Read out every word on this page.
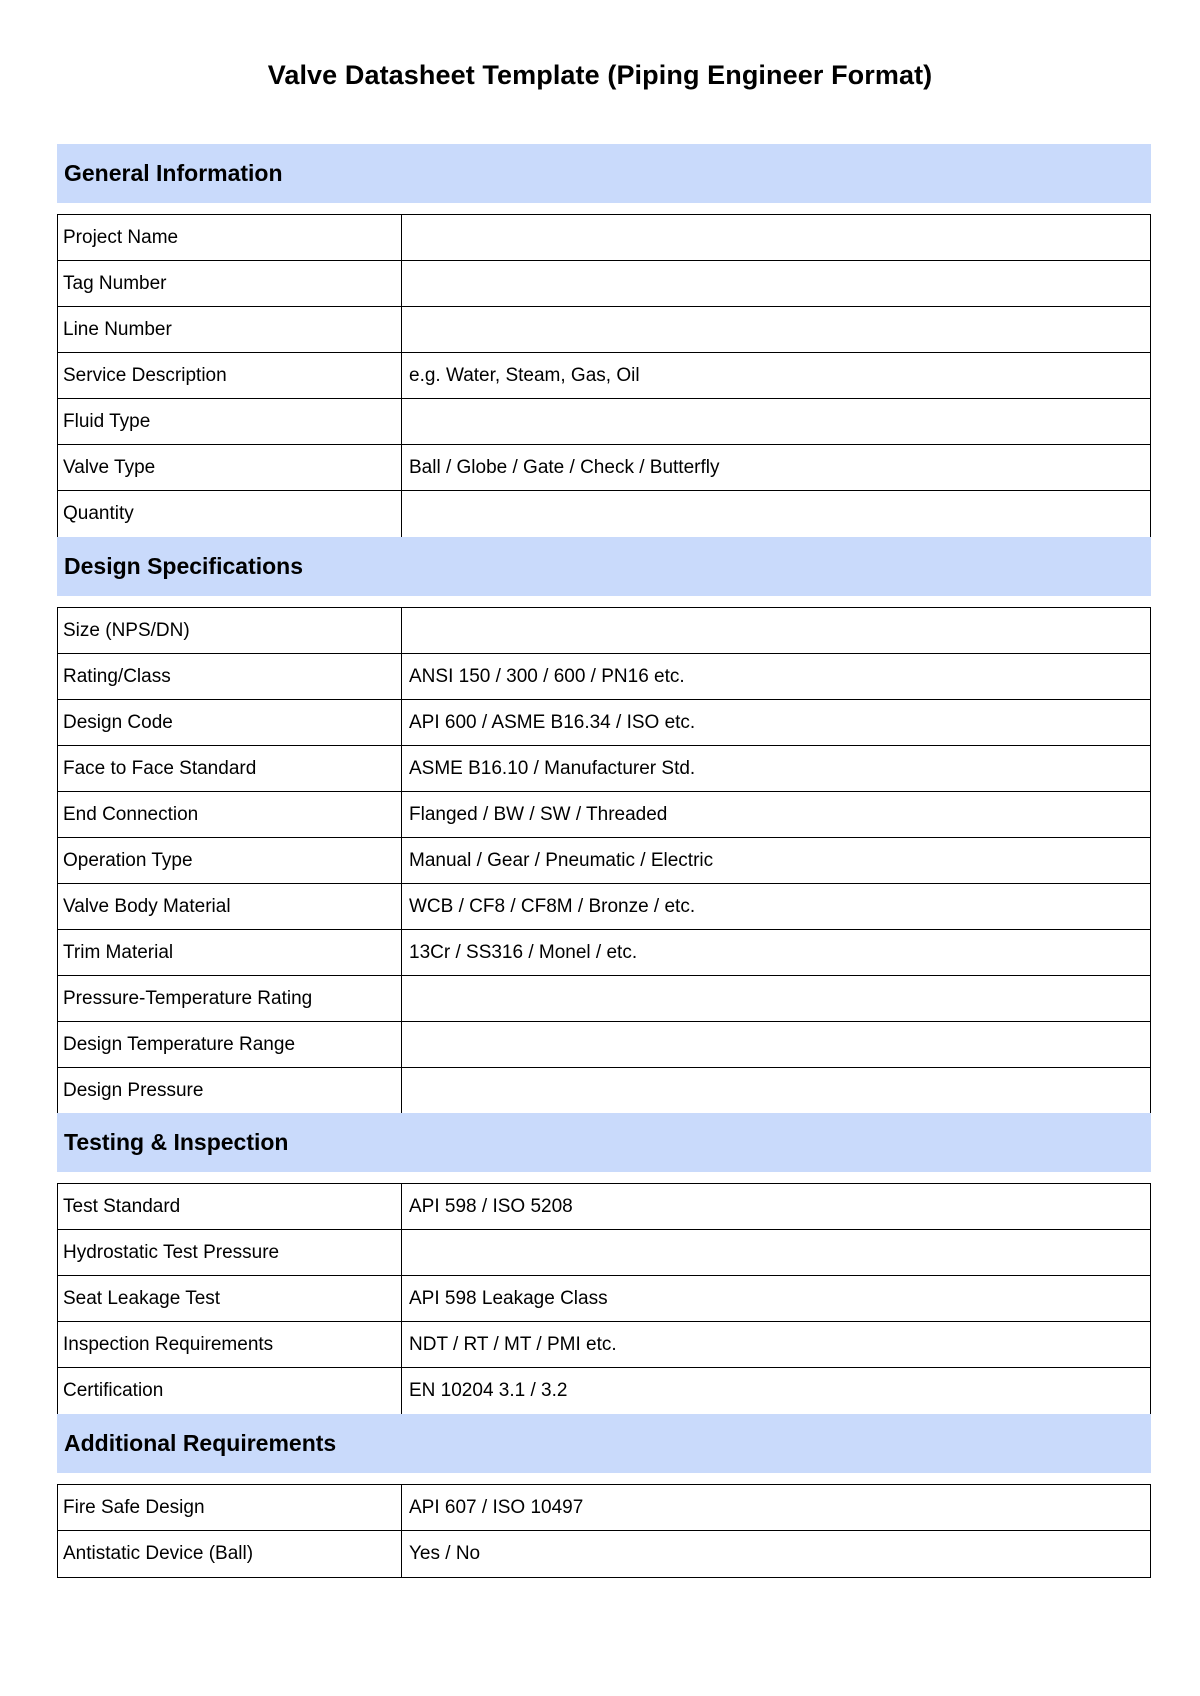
Valve Datasheet Template (Piping Engineer Format)
General Information
Project Name
Tag Number
Line Number
Service Description	e.g. Water, Steam, Gas, Oil
Fluid Type
Valve Type	Ball / Globe / Gate / Check / Butterfly
Quantity
Design Specifications
Size (NPS/DN)
Rating/Class	ANSI 150 / 300 / 600 / PN16 etc.
Design Code	API 600 / ASME B16.34 / ISO etc.
Face to Face Standard	ASME B16.10 / Manufacturer Std.
End Connection	Flanged / BW / SW / Threaded
Operation Type	Manual / Gear / Pneumatic / Electric
Valve Body Material	WCB / CF8 / CF8M / Bronze / etc.
Trim Material	13Cr / SS316 / Monel / etc.
Pressure-Temperature Rating
Design Temperature Range
Design Pressure
Testing & Inspection
Test Standard	API 598 / ISO 5208
Hydrostatic Test Pressure
Seat Leakage Test	API 598 Leakage Class
Inspection Requirements	NDT / RT / MT / PMI etc.
Certification	EN 10204 3.1 / 3.2
Additional Requirements
Fire Safe Design	API 607 / ISO 10497
Antistatic Device (Ball)	Yes / No
